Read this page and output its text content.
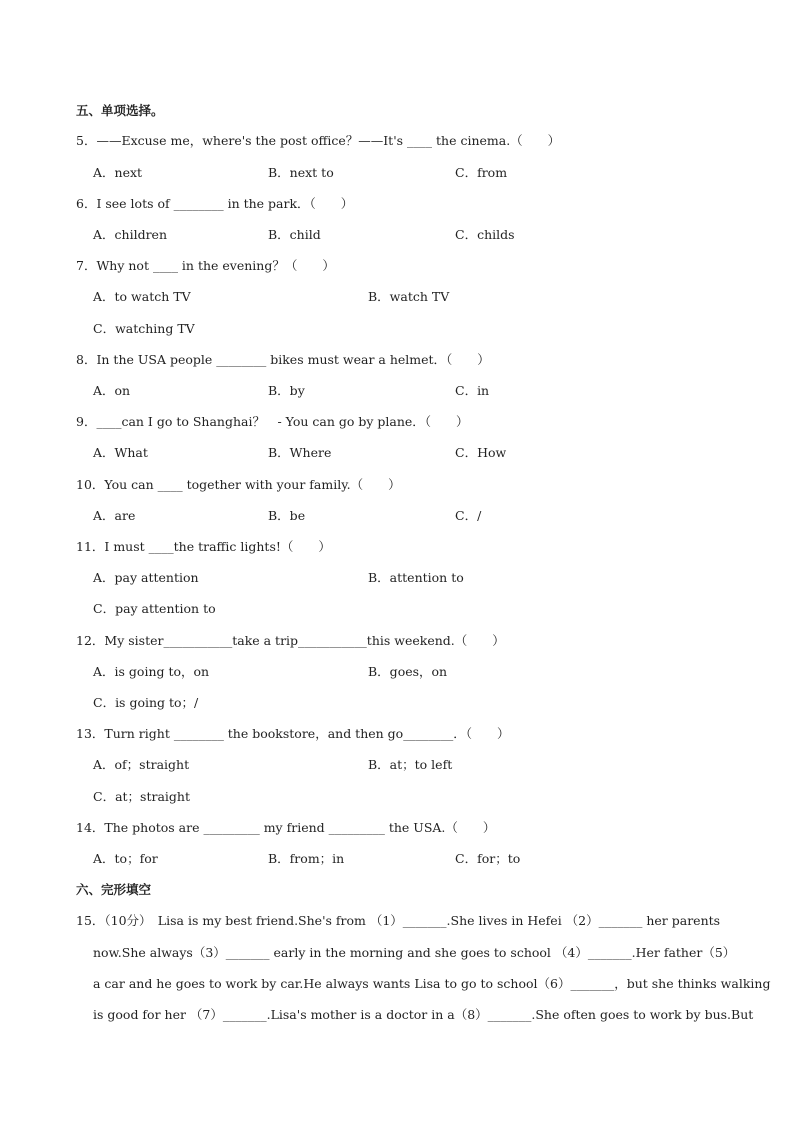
五、单项选择。
5．——Excuse me，where's the post office？——It's ____ the cinema.（　　）
A．next	B．next to	C．from
6．I see lots of ________ in the park．（　　）
A．children	B．child	C．childs
7．Why not ____ in the evening？（　　）
A．to watch TV	B．watch TV
C．watching TV
8．In the USA people ________ bikes must wear a helmet．（　　）
A．on	B．by	C．in
9．____can I go to Shanghai？　- You can go by plane．（　　）
A．What	B．Where	C．How
10．You can ____ together with your family.（　　）
A．are	B．be	C．/
11．I must ____the traffic lights!（　　）
A．pay attention	B．attention to
C．pay attention to
12．My sister___________take a trip___________this weekend.（　　）
A．is going to，on	B．goes，on
C．is going to；/
13．Turn right ________ the bookstore，and then go________．（　　）
A．of；straight	B．at；to left
C．at；straight
14．The photos are _________ my friend _________ the USA.（　　）
A．to；for	B．from；in	C．for；to
六、完形填空
15．（10分）　Lisa is my best friend.She's from （1）_______.She lives in Hefei （2）_______ her parents
now.She always（3）_______ early in the morning and she goes to school （4）_______.Her father（5）
a car and he goes to work by car.He always wants Lisa to go to school（6）_______，but she thinks walking
is good for her （7）_______.Lisa's mother is a doctor in a（8）_______.She often goes to work by bus.But
